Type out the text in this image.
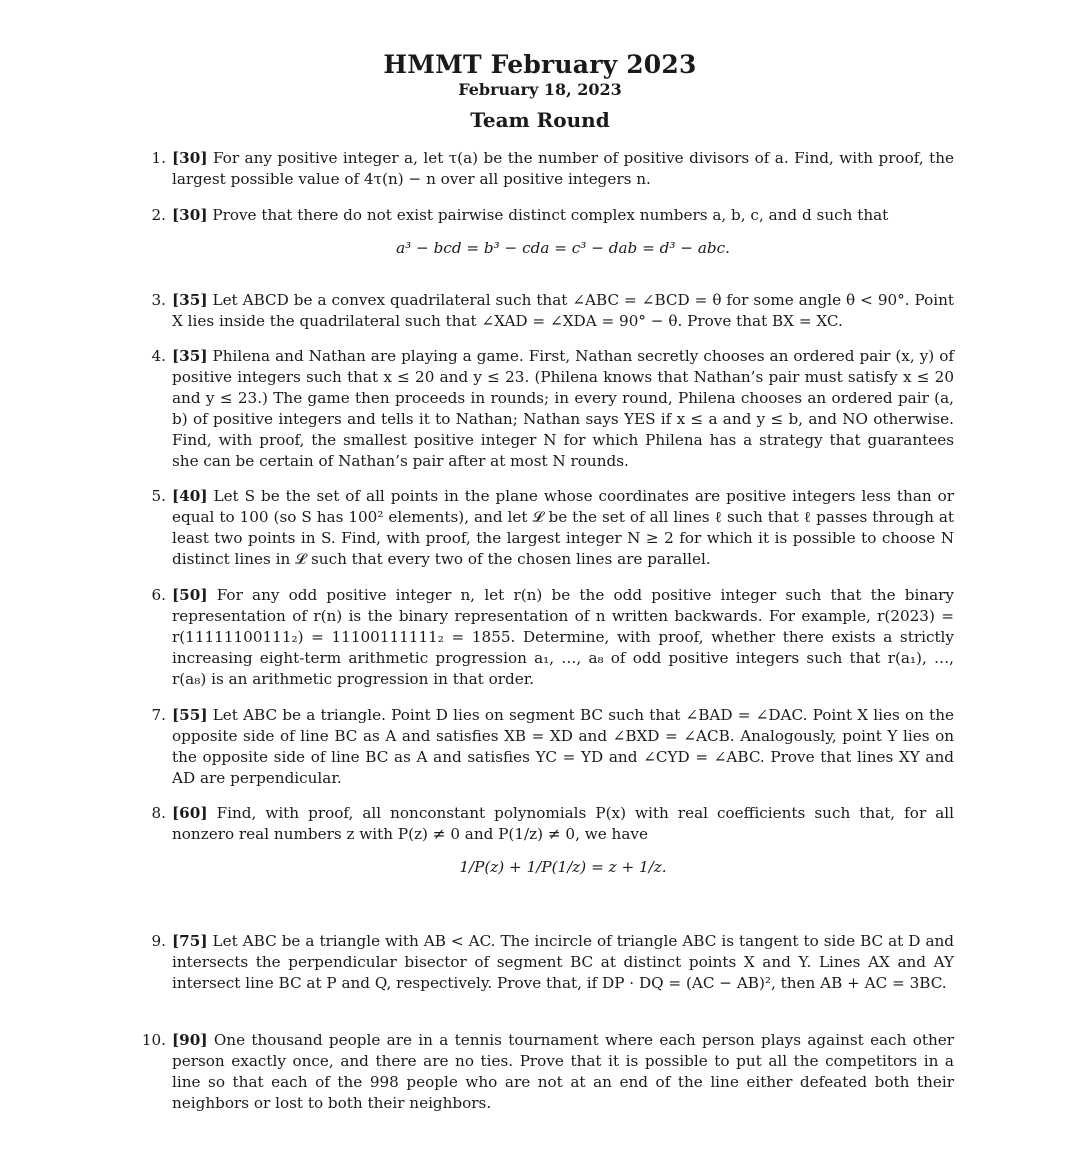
HMMT February 2023
February 18, 2023
Team Round
1. [30] For any positive integer a, let τ(a) be the number of positive divisors of a. Find, with proof, the largest possible value of 4τ(n) − n over all positive integers n.
2. [30] Prove that there do not exist pairwise distinct complex numbers a, b, c, and d such that
a³ − bcd = b³ − cda = c³ − dab = d³ − abc.
3. [35] Let ABCD be a convex quadrilateral such that ∠ABC = ∠BCD = θ for some angle θ < 90°. Point X lies inside the quadrilateral such that ∠XAD = ∠XDA = 90° − θ. Prove that BX = XC.
4. [35] Philena and Nathan are playing a game. First, Nathan secretly chooses an ordered pair (x, y) of positive integers such that x ≤ 20 and y ≤ 23. (Philena knows that Nathan’s pair must satisfy x ≤ 20 and y ≤ 23.) The game then proceeds in rounds; in every round, Philena chooses an ordered pair (a, b) of positive integers and tells it to Nathan; Nathan says YES if x ≤ a and y ≤ b, and NO otherwise. Find, with proof, the smallest positive integer N for which Philena has a strategy that guarantees she can be certain of Nathan’s pair after at most N rounds.
5. [40] Let S be the set of all points in the plane whose coordinates are positive integers less than or equal to 100 (so S has 100² elements), and let 𝓛 be the set of all lines ℓ such that ℓ passes through at least two points in S. Find, with proof, the largest integer N ≥ 2 for which it is possible to choose N distinct lines in 𝓛 such that every two of the chosen lines are parallel.
6. [50] For any odd positive integer n, let r(n) be the odd positive integer such that the binary representation of r(n) is the binary representation of n written backwards. For example, r(2023) = r(11111100111₂) = 11100111111₂ = 1855. Determine, with proof, whether there exists a strictly increasing eight-term arithmetic progression a₁, …, a₈ of odd positive integers such that r(a₁), …, r(a₈) is an arithmetic progression in that order.
7. [55] Let ABC be a triangle. Point D lies on segment BC such that ∠BAD = ∠DAC. Point X lies on the opposite side of line BC as A and satisfies XB = XD and ∠BXD = ∠ACB. Analogously, point Y lies on the opposite side of line BC as A and satisfies YC = YD and ∠CYD = ∠ABC. Prove that lines XY and AD are perpendicular.
8. [60] Find, with proof, all nonconstant polynomials P(x) with real coefficients such that, for all nonzero real numbers z with P(z) ≠ 0 and P(1/z) ≠ 0, we have
1/P(z) + 1/P(1/z) = z + 1/z.
9. [75] Let ABC be a triangle with AB < AC. The incircle of triangle ABC is tangent to side BC at D and intersects the perpendicular bisector of segment BC at distinct points X and Y. Lines AX and AY intersect line BC at P and Q, respectively. Prove that, if DP · DQ = (AC − AB)², then AB + AC = 3BC.
10. [90] One thousand people are in a tennis tournament where each person plays against each other person exactly once, and there are no ties. Prove that it is possible to put all the competitors in a line so that each of the 998 people who are not at an end of the line either defeated both their neighbors or lost to both their neighbors.
